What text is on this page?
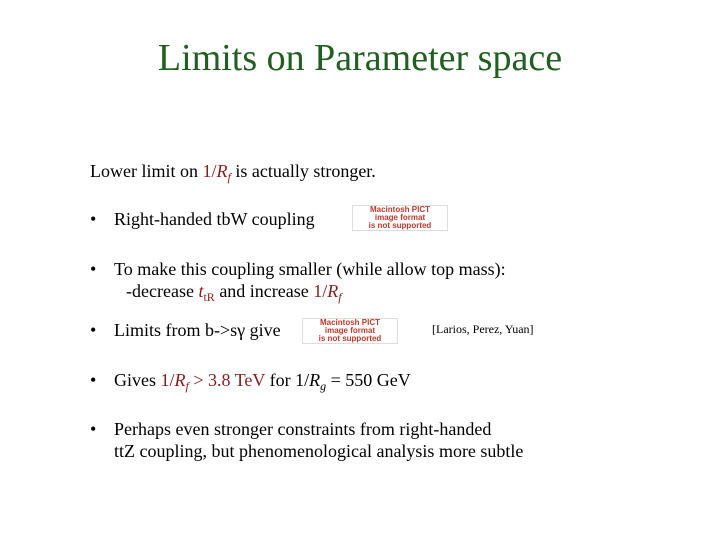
Limits on Parameter space
Lower limit on $1/R_f$ is actually stronger.
• Right-handed tb​W coupling	Macintosh PICT
image format
is not supported
• To make this coupling smaller (while allow top mass):
-decrease $t_{t​R}$ and increase $1/R_f$
• Limits from b->sγ give	Macintosh PICT
image format
is not supported
[Larios, Perez, Yuan]
• Gives $1/R_f > 3.8$ Te​V for $1/R_g = 550$ Ge​V
• Perhaps even stronger constraints from right-handed
tt​Z coupling, but phenomenological analysis more subtle
